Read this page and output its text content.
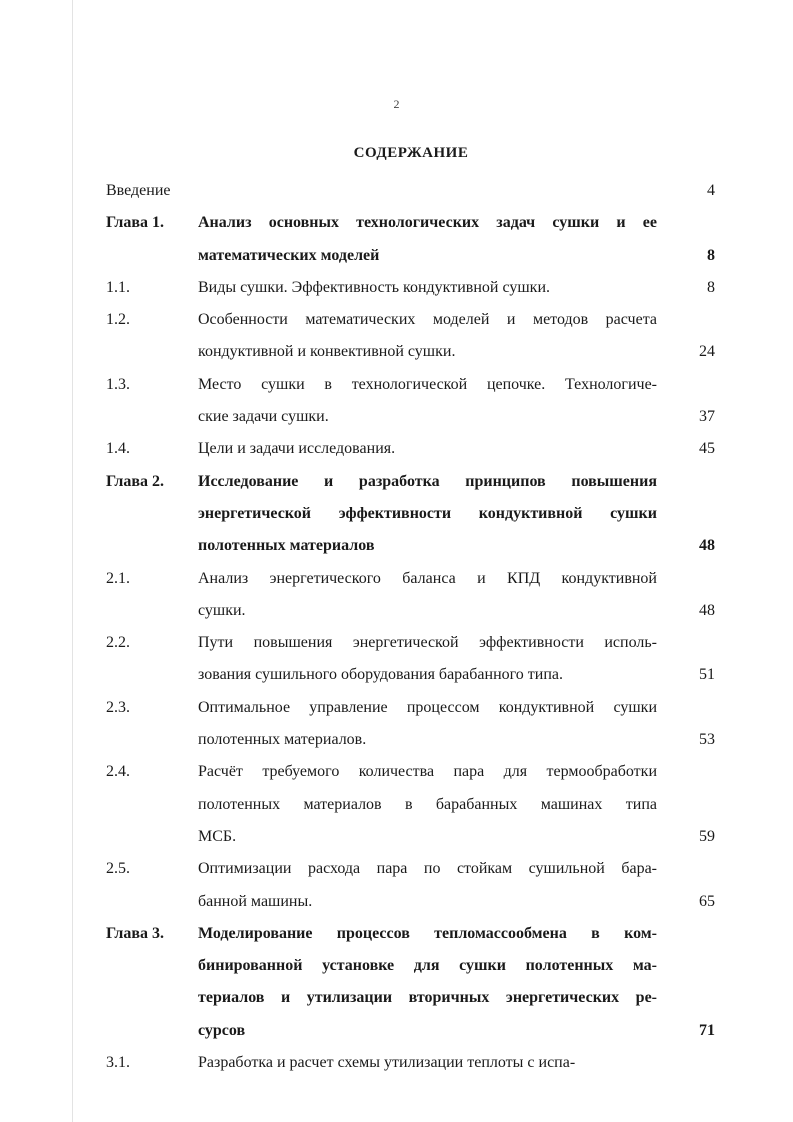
2
СОДЕРЖАНИЕ
Введение	4
Глава 1. Анализ основных технологических задач сушки и ее
математических моделей	8
1.1.	Виды сушки. Эффективность кондуктивной сушки.	8
1.2.	Особенности математических моделей и методов расчета
кондуктивной и конвективной сушки.	24
1.3.	Место сушки в технологической цепочке. Технологиче-
ские задачи сушки.	37
1.4.	Цели и задачи исследования.	45
Глава 2. Исследование и разработка принципов повышения
энергетической эффективности кондуктивной сушки
полотенных материалов	48
2.1.	Анализ энергетического баланса и КПД кондуктивной
сушки.	48
2.2.	Пути повышения энергетической эффективности исполь-
зования сушильного оборудования барабанного типа.	51
2.3.	Оптимальное управление процессом кондуктивной сушки
полотенных материалов.	53
2.4.	Расчёт требуемого количества пара для термообработки
полотенных материалов в барабанных машинах типа
МСБ.	59
2.5.	Оптимизации расхода пара по стойкам сушильной бара-
банной машины.	65
Глава 3. Моделирование процессов тепломассообмена в ком-
бинированной установке для сушки полотенных ма-
териалов и утилизации вторичных энергетических ре-
сурсов	71
3.1.	Разработка и расчет схемы утилизации теплоты с испа-
